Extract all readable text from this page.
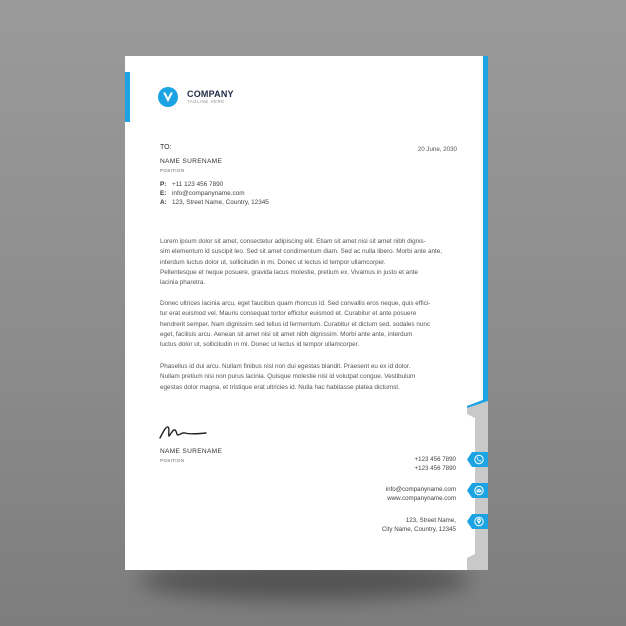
COMPANY
TAGLINE HERE
TO:	20 June, 2030
NAME SURENAME
POSITION
P: +11 123 456 7890
E: info@companyname.com
A: 123, Street Name, Country, 12345
Lorem ipsum dolor sit amet, consectetur adipiscing elit. Etiam sit amet nisi sit amet nibh dignis-
sim elementum id suscipit leo. Sed sit amet condimentum diam. Sed ac nulla libero. Morbi ante ante,
interdum luctus dolor ut, sollicitudin in mi. Donec ut lectus id tempor ullamcorper.
Pellentesque et neque posuere, gravida lacus molestie, pretium ex. Vivamus in justo et ante
lacinia pharetra.
Donec ultrices lacinia arcu, eget faucibus quam rhoncus id. Sed convallis eros neque, quis effici-
tur erat euismod vel. Mauris consequat tortor efficitur euismod et. Curabitur et ante posuere
hendrerit semper. Nam dignissim sed tellus id fermentum. Curabitur et dictum sed, sodales nunc
eget, facilisis arcu. Aenean sit amet nisi sit amet nibh dignissim. Morbi ante ante, interdum
luctus dolor ut, sollicitudin in mi. Donec ut lectus id tempor ullamcorper.
Phasellus id dui arcu. Nullam finibus nisl non dui egestas blandit. Praesent eu ex id dolor.
Nullam pretium nisi non purus lacinia. Quisque molestie nisl id volutpat congue. Vestibulum
egestas dolor magna, et tristique erat ultricies id. Nulla hac habitasse platea dictumst.
NAME SURENAME
POSITION	+123 456 7890
+123 456 7890
info@companyname.com
www.companyname.com
123, Street Name,
City Name, Country, 12345
